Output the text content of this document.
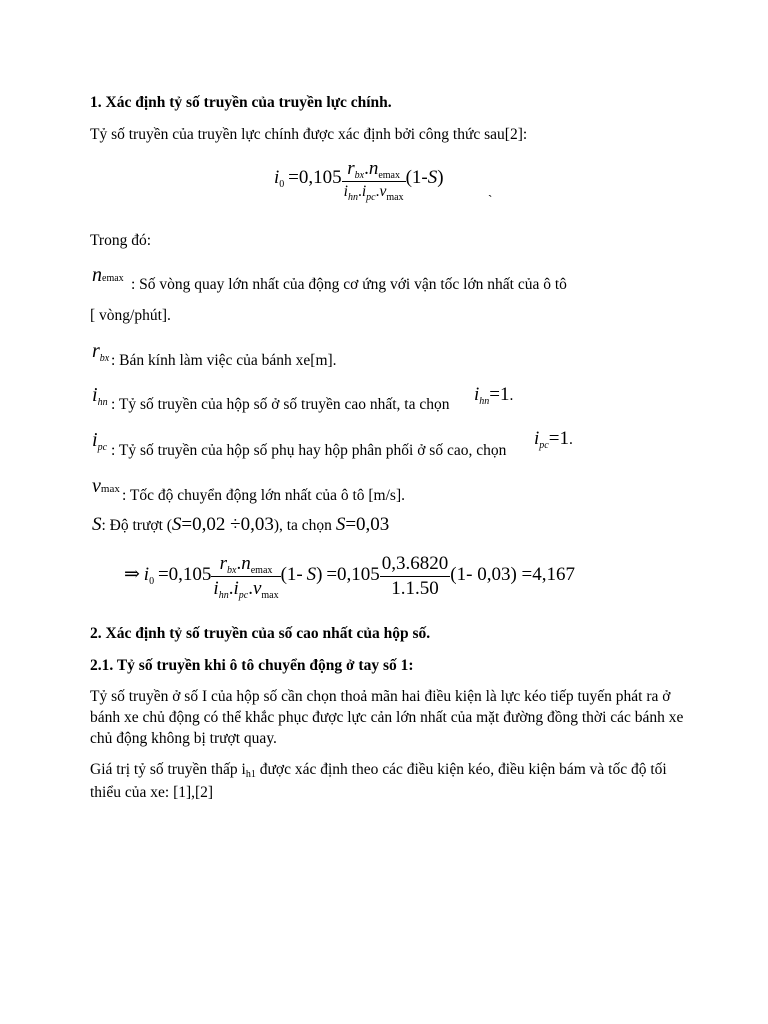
1. Xác định tỷ số truyền của truyền lực chính.
Tỷ số truyền của truyền lực chính được xác định bởi công thức sau[2]:
$i_0 =0,105 \frac{r_{bx}.n_{emax}}{i_{hn}.i_{pc}.v_{max}} (1-S)$
`
Trong đó:
nemax : Số vòng quay lớn nhất của động cơ ứng với vận tốc lớn nhất của ô tô
[ vòng/phút].
$r_{bx}$ : Bán kính làm việc của bánh xe[m].
$i_{hn}$ : Tỷ số truyền của hộp số ở số truyền cao nhất, ta chọn $i_{hn}=1$.
$i_{pc}$ : Tỷ số truyền của hộp số phụ hay hộp phân phối ở số cao, chọn
$i_{pc}=1$.
vmax : Tốc độ chuyển động lớn nhất của ô tô [m/s].
S: Độ trượt (S=0,02 ÷0,03), ta chọn S=0,03
⇒ $i_0 =0,105 \frac{r_{bx}.n_{emax}}{i_{hn}.i_{pc}.v_{max}} (1-$ $S) =0,105 \frac{0,3.6820}{1.1.50} (1-$ 0,03) =4,167
2. Xác định tỷ số truyền của số cao nhất của hộp số.
2.1. Tỷ số truyền khi ô tô chuyển động ở tay số 1:
Tỷ số truyền ở số I của hộp số cần chọn thoả mãn hai điều kiện là lực kéo tiếp tuyến phát ra ở bánh xe chủ động có thể khắc phục được lực cản lớn nhất của mặt đường đồng thời các bánh xe chủ động không bị trượt quay.
Giá trị tỷ số truyền thấp ih1 được xác định theo các điều kiện kéo, điều kiện bám và tốc độ tối thiểu của xe: [1],[2]
